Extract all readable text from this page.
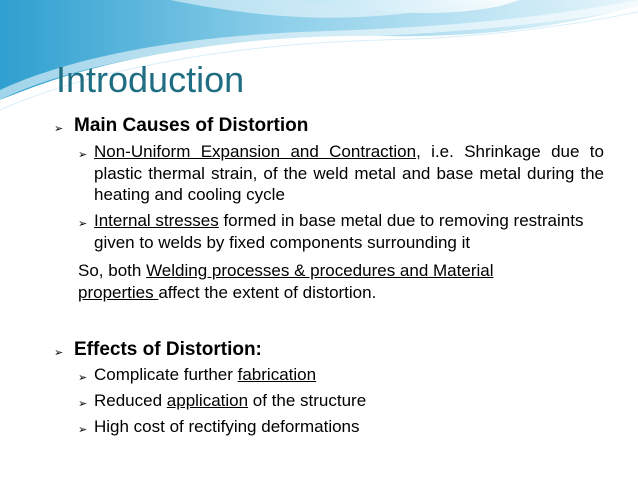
4 Introduction
➢ Main Causes of Distortion
➢ Non-Uniform Expansion and Contraction, i.e. Shrinkage due to plastic thermal strain, of the weld metal and base metal during the heating and cooling cycle
➢ Internal stresses formed in base metal due to removing restraints given to welds by fixed components surrounding it
So, both Welding processes & procedures and Material properties affect the extent of distortion.
➢ Effects of Distortion:
➢ Complicate further fabrication
➢ Reduced application of the structure
➢ High cost of rectifying deformations
